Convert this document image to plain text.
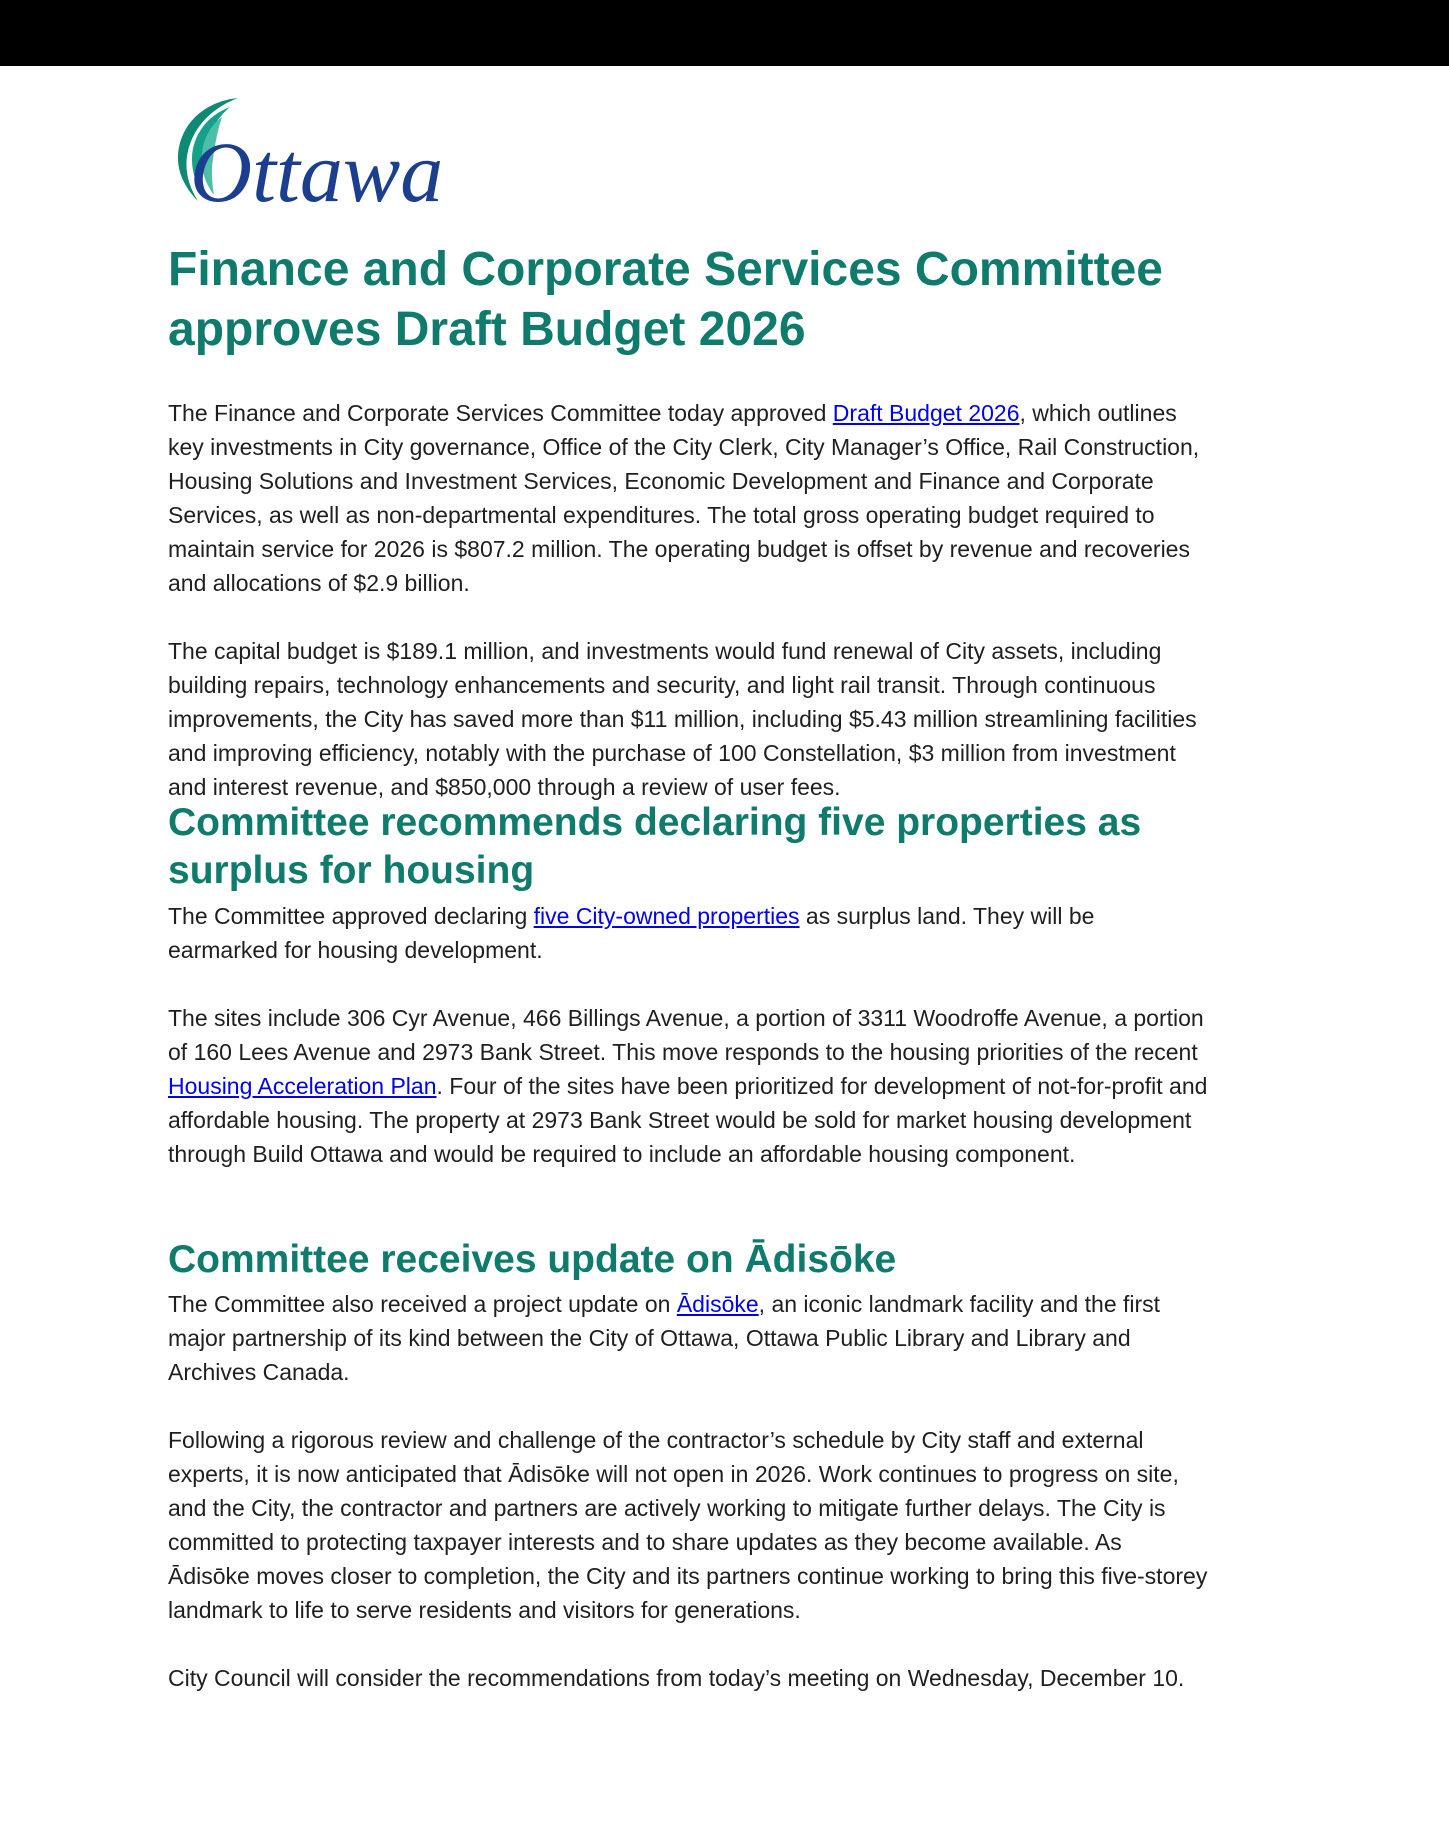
Ottawa
Finance and Corporate Services Committee approves Draft Budget 2026

The Finance and Corporate Services Committee today approved Draft Budget 2026, which outlines key investments in City governance, Office of the City Clerk, City Manager’s Office, Rail Construction, Housing Solutions and Investment Services, Economic Development and Finance and Corporate Services, as well as non-departmental expenditures. The total gross operating budget required to maintain service for 2026 is $807.2 million. The operating budget is offset by revenue and recoveries and allocations of $2.9 billion.

The capital budget is $189.1 million, and investments would fund renewal of City assets, including building repairs, technology enhancements and security, and light rail transit. Through continuous improvements, the City has saved more than $11 million, including $5.43 million streamlining facilities and improving efficiency, notably with the purchase of 100 Constellation, $3 million from investment and interest revenue, and $850,000 through a review of user fees.

Committee recommends declaring five properties as surplus for housing

The Committee approved declaring five City-owned properties as surplus land. They will be earmarked for housing development.

The sites include 306 Cyr Avenue, 466 Billings Avenue, a portion of 3311 Woodroffe Avenue, a portion of 160 Lees Avenue and 2973 Bank Street. This move responds to the housing priorities of the recent Housing Acceleration Plan. Four of the sites have been prioritized for development of not-for-profit and affordable housing. The property at 2973 Bank Street would be sold for market housing development through Build Ottawa and would be required to include an affordable housing component.

Committee receives update on Ādisōke

The Committee also received a project update on Ādisōke, an iconic landmark facility and the first major partnership of its kind between the City of Ottawa, Ottawa Public Library and Library and Archives Canada.

Following a rigorous review and challenge of the contractor’s schedule by City staff and external experts, it is now anticipated that Ādisōke will not open in 2026. Work continues to progress on site, and the City, the contractor and partners are actively working to mitigate further delays. The City is committed to protecting taxpayer interests and to share updates as they become available. As Ādisōke moves closer to completion, the City and its partners continue working to bring this five-storey landmark to life to serve residents and visitors for generations.

City Council will consider the recommendations from today’s meeting on Wednesday, December 10.
